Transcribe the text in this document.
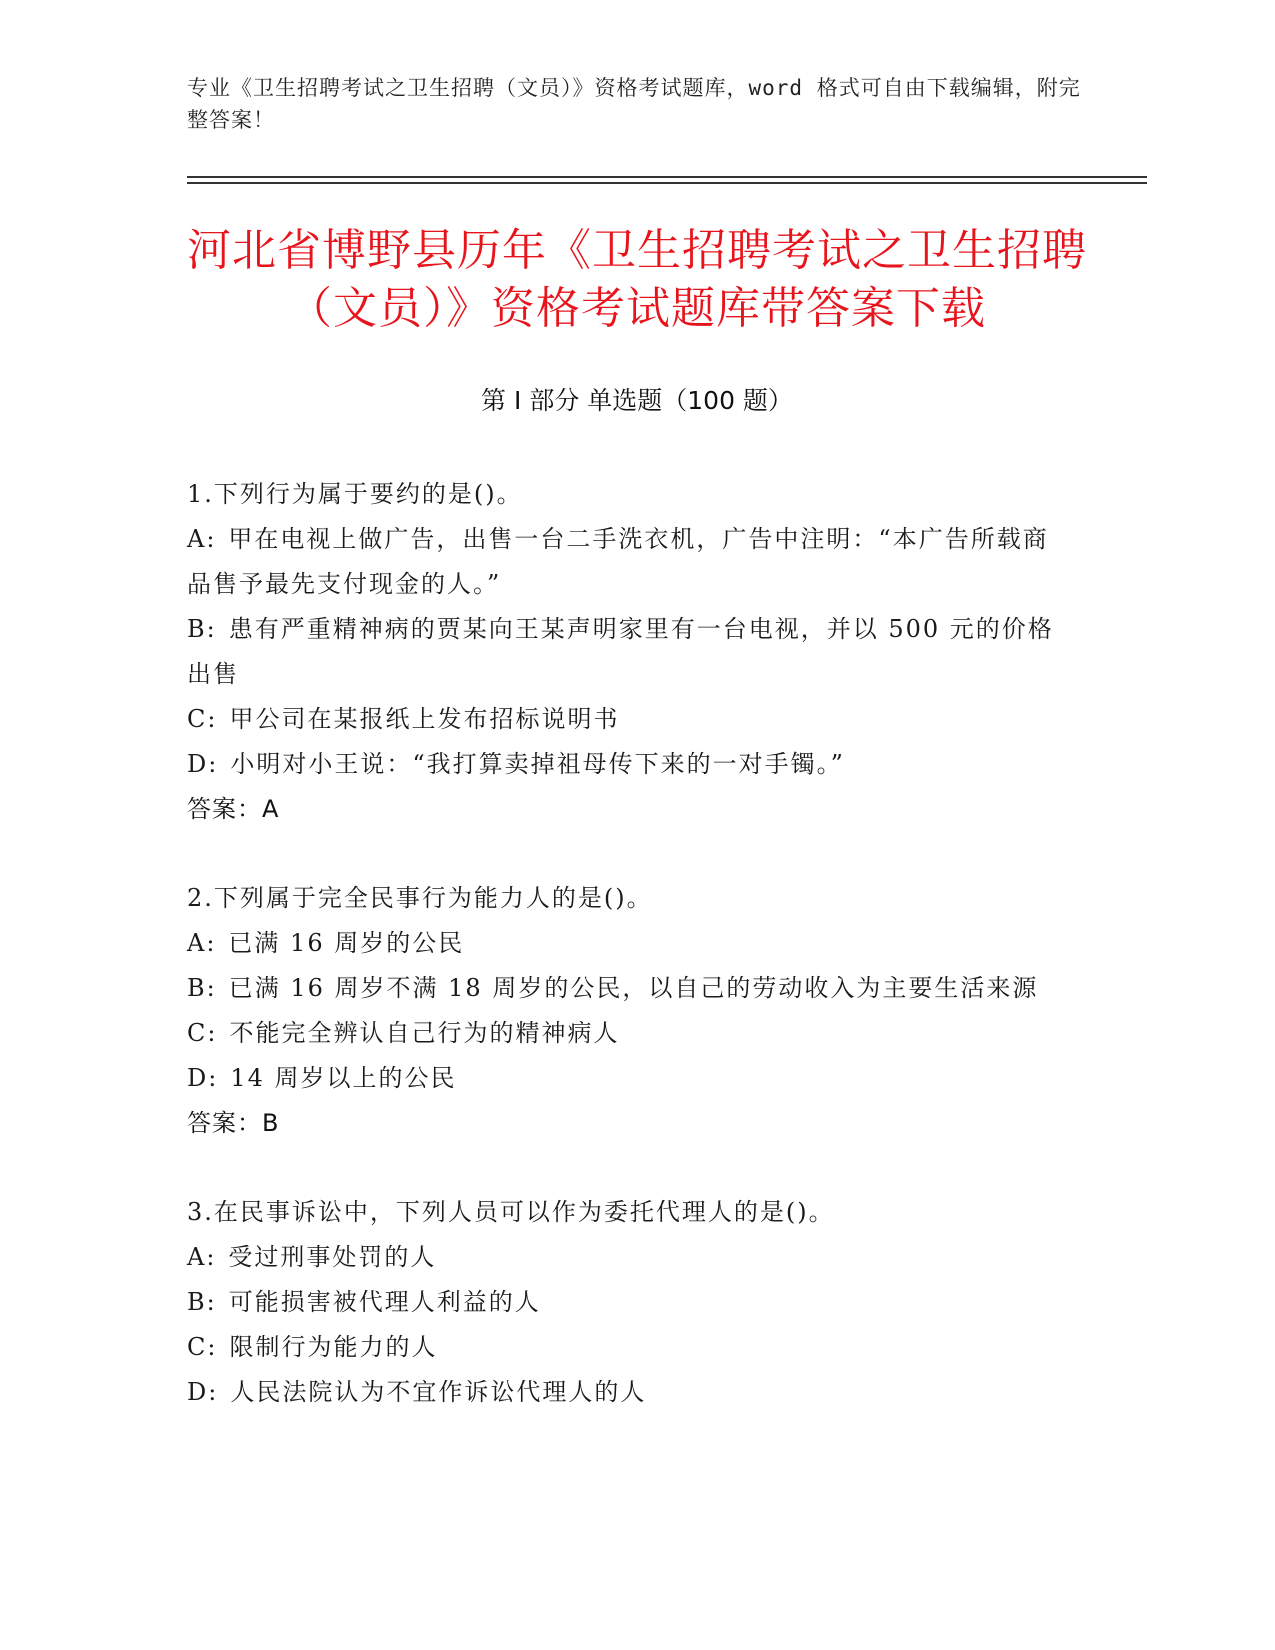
专业《卫生招聘考试之卫生招聘（文员）》资格考试题库，word 格式可自由下载编辑，附完整答案！
河北省博野县历年《卫生招聘考试之卫生招聘（文员）》资格考试题库带答案下载
第 I 部分 单选题（100 题）

1.下列行为属于要约的是()。

A: 甲在电视上做广告，出售一台二手洗衣机，广告中注明：“本广告所载商品售予最先支付现金的人。”

B: 患有严重精神病的贾某向王某声明家里有一台电视，并以 500 元的价格出售

C: 甲公司在某报纸上发布招标说明书

D: 小明对小王说：“我打算卖掉祖母传下来的一对手镯。”

答案：A

2.下列属于完全民事行为能力人的是()。

A: 已满 16 周岁的公民

B: 已满 16 周岁不满 18 周岁的公民，以自己的劳动收入为主要生活来源

C: 不能完全辨认自己行为的精神病人

D: 14 周岁以上的公民

答案：B

3.在民事诉讼中，下列人员可以作为委托代理人的是()。

A: 受过刑事处罚的人

B: 可能损害被代理人利益的人

C: 限制行为能力的人

D: 人民法院认为不宜作诉讼代理人的人
